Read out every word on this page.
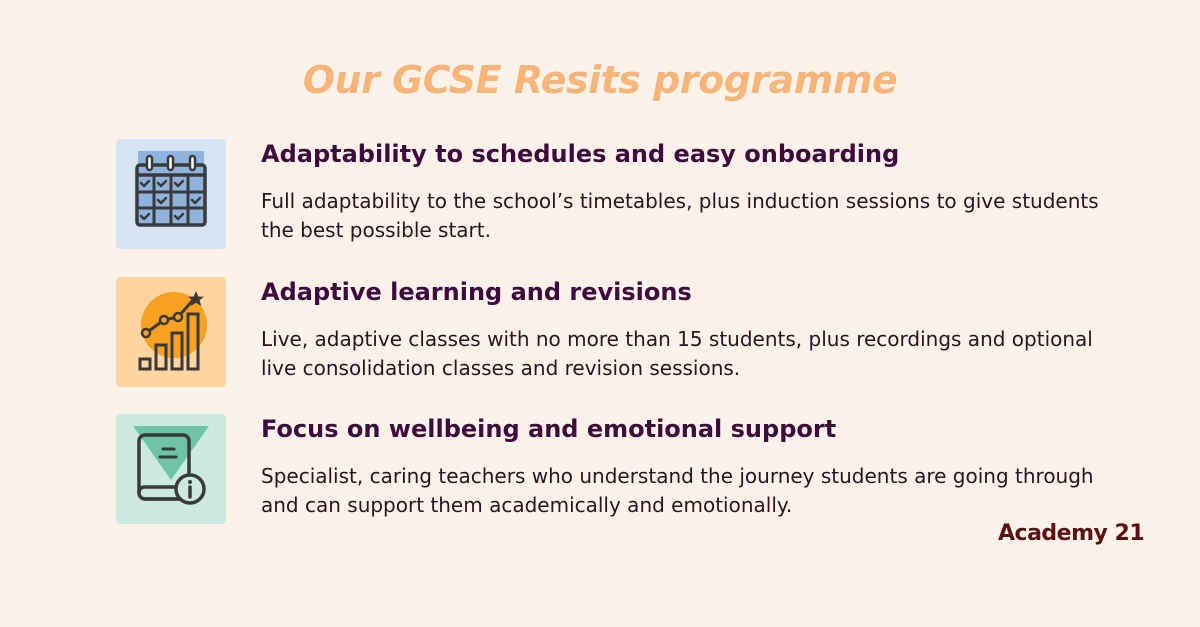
Our GCSE Resits programme
Adaptability to schedules and easy onboarding

Full adaptability to the school’s timetables, plus induction sessions to give students the best possible start.

Adaptive learning and revisions

Live, adaptive classes with no more than 15 students, plus recordings and optional live consolidation classes and revision sessions.

Focus on wellbeing and emotional support

Specialist, caring teachers who understand the journey students are going through and can support them academically and emotionally.

Academy 21
